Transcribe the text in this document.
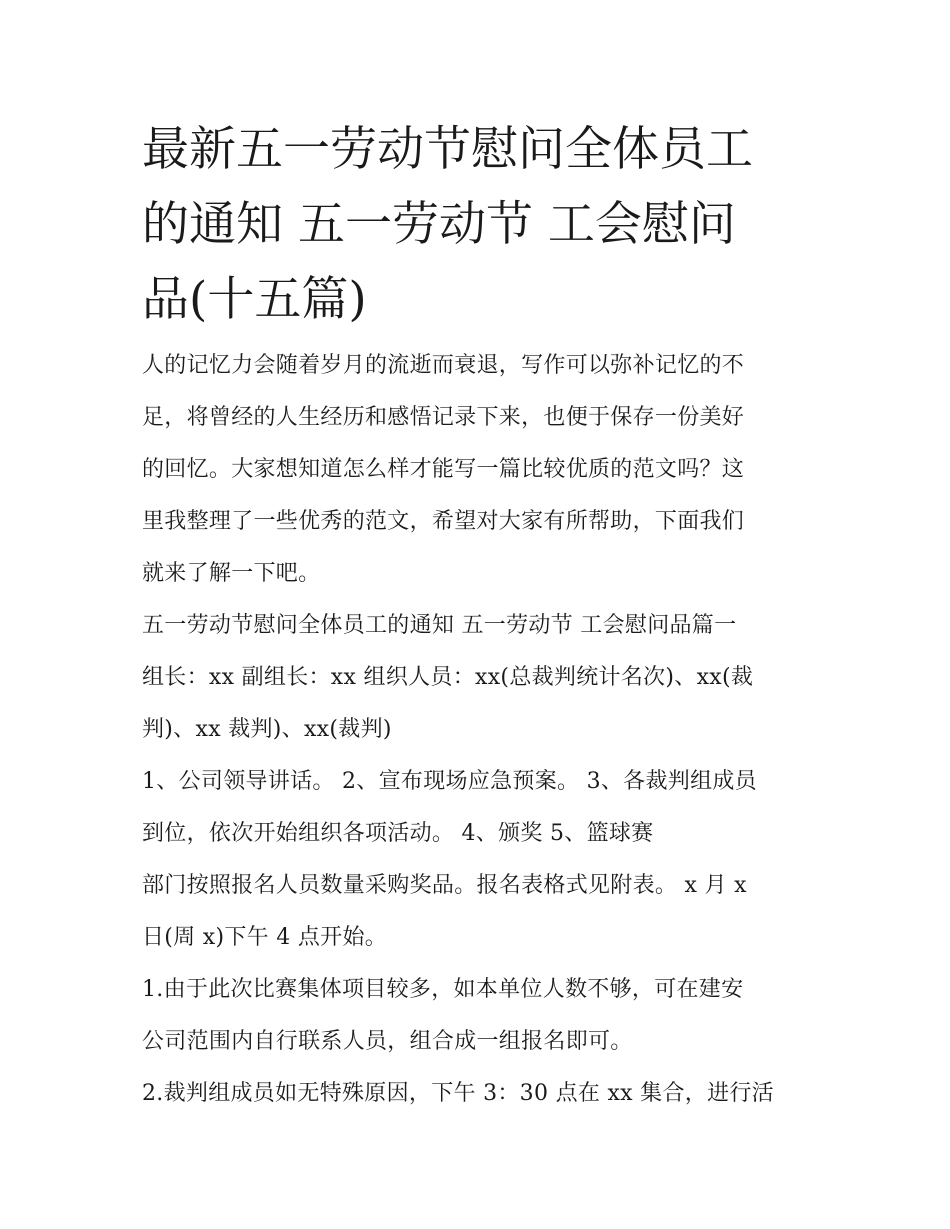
最新五一劳动节慰问全体员工
的通知 五一劳动节 工会慰问
品(十五篇)
人的记忆力会随着岁月的流逝而衰退，写作可以弥补记忆的不
足，将曾经的人生经历和感悟记录下来，也便于保存一份美好
的回忆。大家想知道怎么样才能写一篇比较优质的范文吗？这
里我整理了一些优秀的范文，希望对大家有所帮助，下面我们
就来了解一下吧。
五一劳动节慰问全体员工的通知 五一劳动节 工会慰问品篇一
组长：xx 副组长：xx 组织人员：xx(总裁判统计名次)、xx(裁
判)、xx 裁判)、xx(裁判)
1、公司领导讲话。 2、宣布现场应急预案。 3、各裁判组成员
到位，依次开始组织各项活动。 4、颁奖 5、篮球赛
部门按照报名人员数量采购奖品。报名表格式见附表。 x 月 x
日(周 x)下午 4 点开始。
1.由于此次比赛集体项目较多，如本单位人数不够，可在建安
公司范围内自行联系人员，组合成一组报名即可。
2.裁判组成员如无特殊原因，下午 3：30 点在 xx 集合，进行活
